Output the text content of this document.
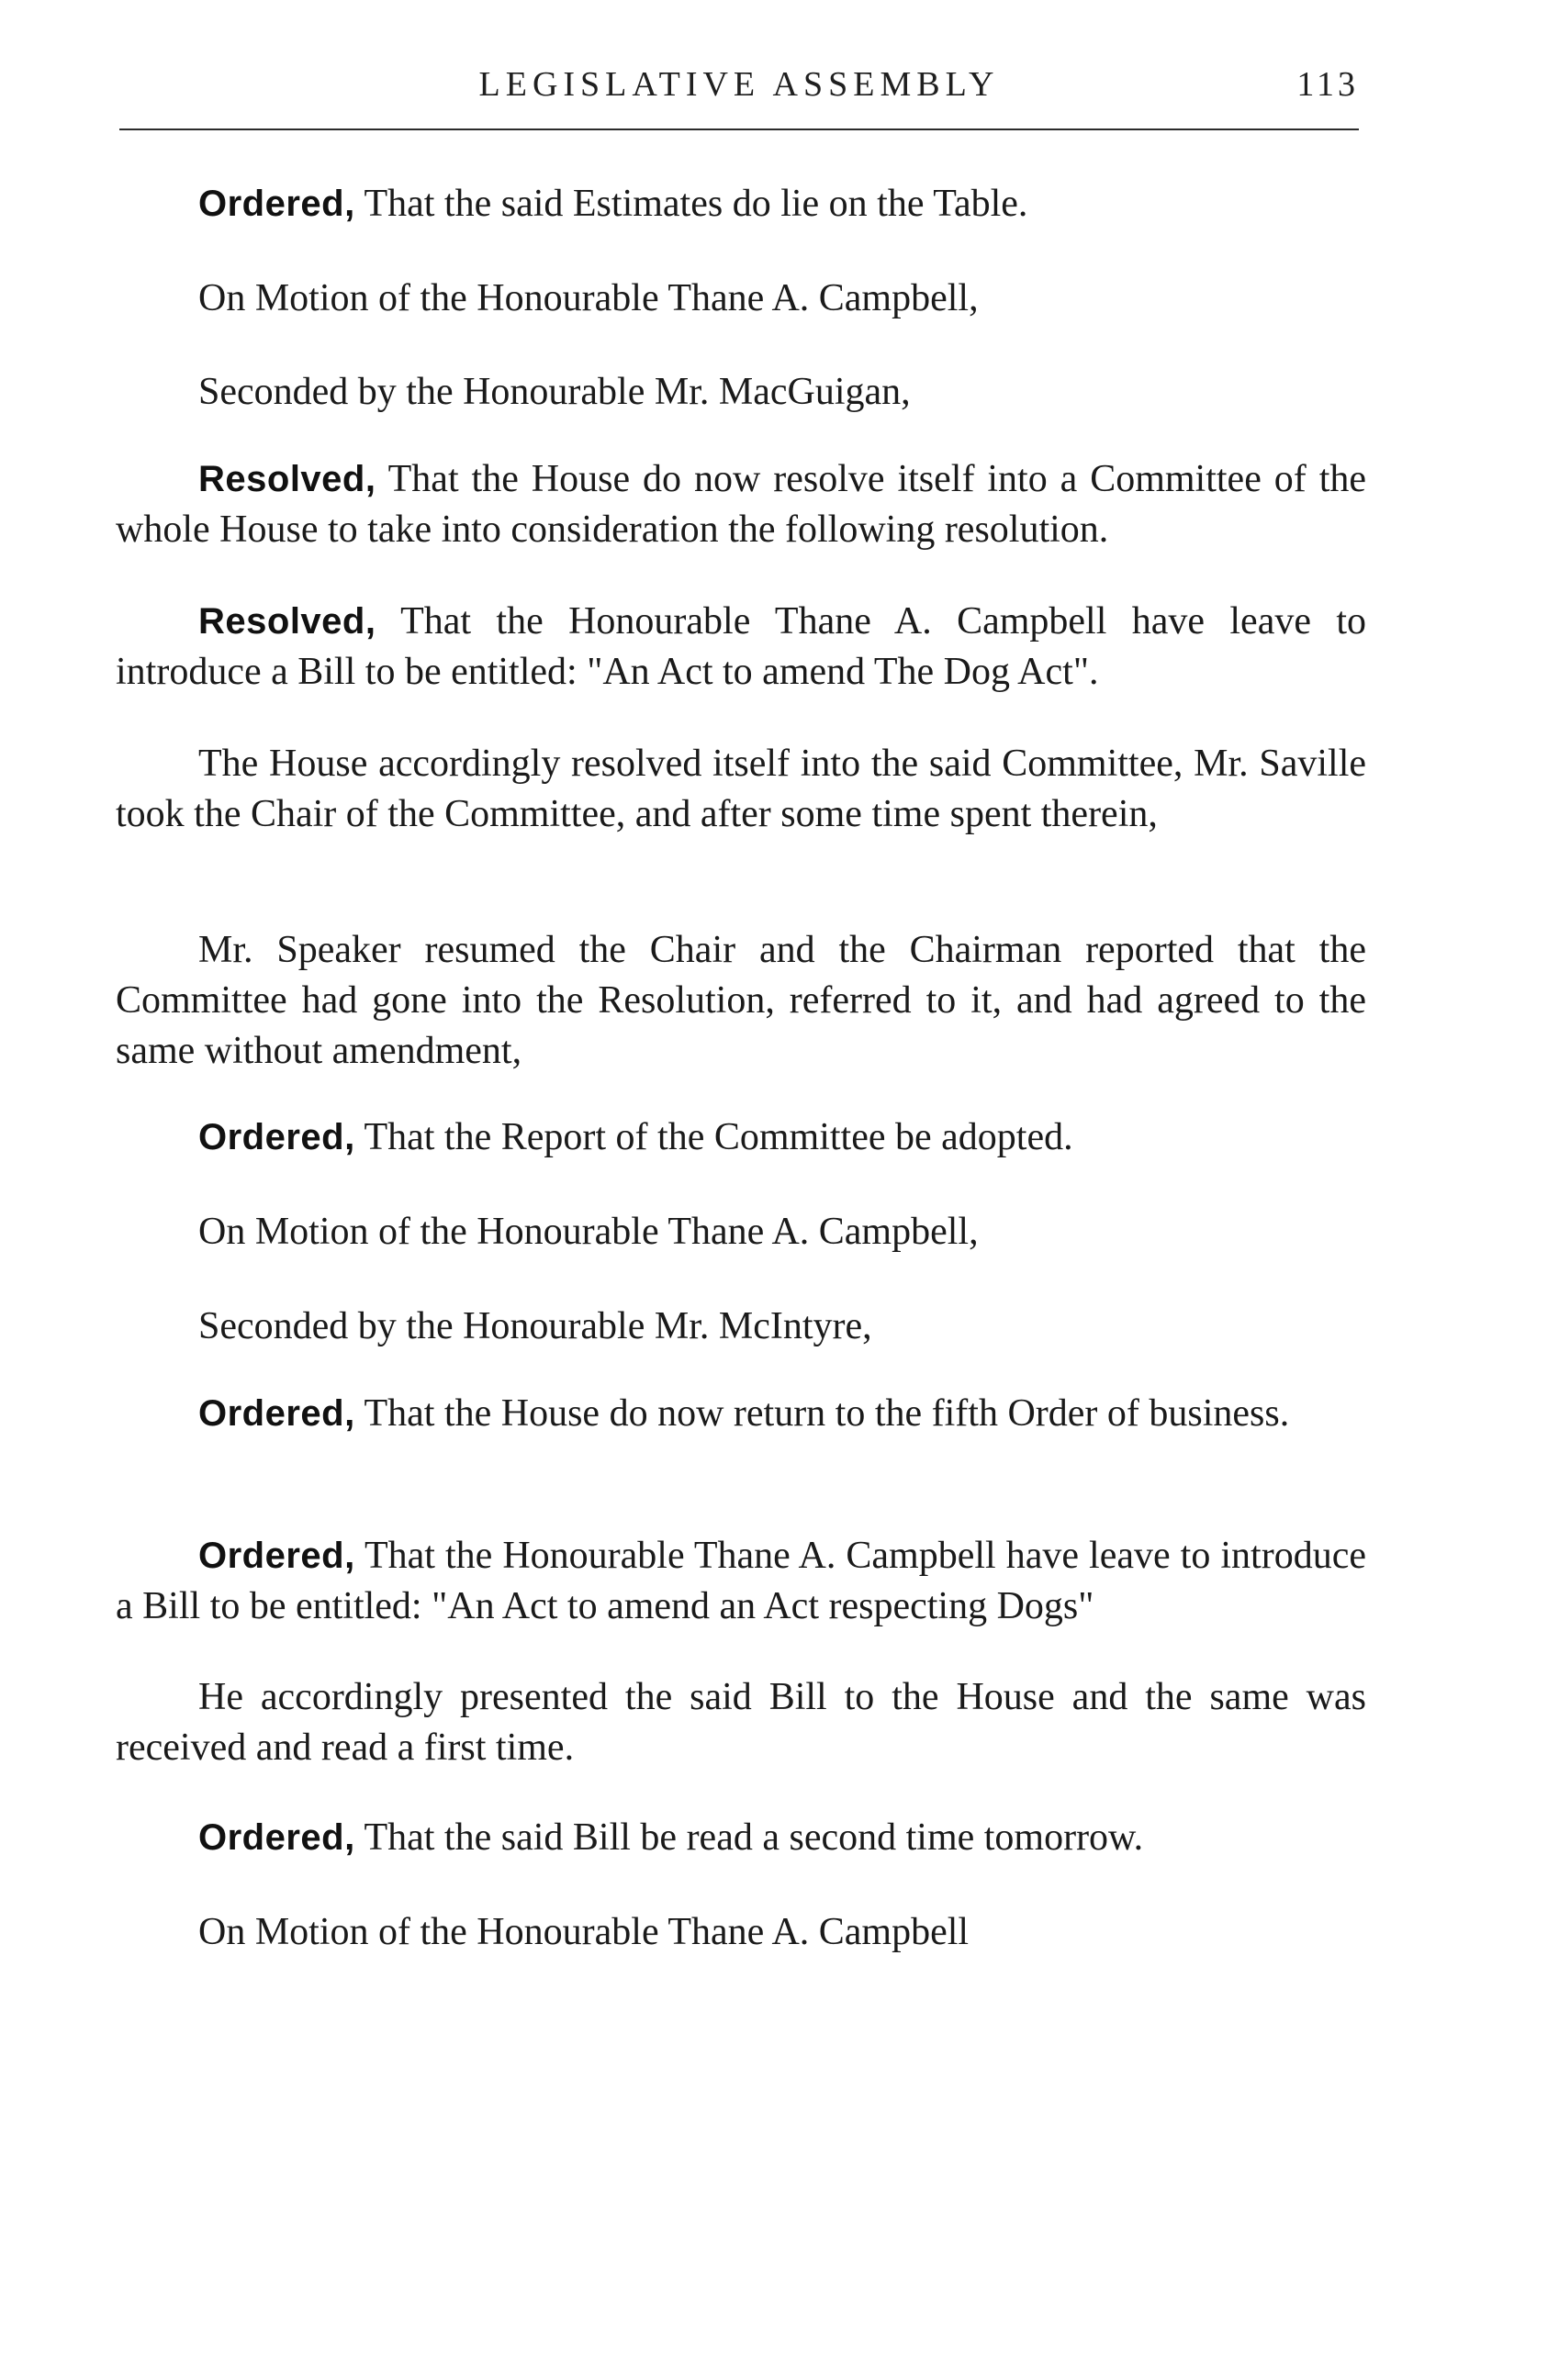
LEGISLATIVE ASSEMBLY	113

Ordered, That the said Estimates do lie on the Table.

On Motion of the Honourable Thane A. Campbell,

Seconded by the Honourable Mr. MacGuigan,

Resolved, That the House do now resolve itself into a Committee of the whole House to take into consideration the following resolution.

Resolved, That the Honourable Thane A. Campbell have leave to introduce a Bill to be entitled: "An Act to amend The Dog Act".

The House accordingly resolved itself into the said Committee, Mr. Saville took the Chair of the Committee, and after some time spent therein,

Mr. Speaker resumed the Chair and the Chairman reported that the Committee had gone into the Resolution, referred to it, and had agreed to the same without amendment,

Ordered, That the Report of the Committee be adopted.

On Motion of the Honourable Thane A. Campbell,

Seconded by the Honourable Mr. McIntyre,

Ordered, That the House do now return to the fifth Order of business.

Ordered, That the Honourable Thane A. Campbell have leave to introduce a Bill to be entitled: "An Act to amend an Act respecting Dogs"

He accordingly presented the said Bill to the House and the same was received and read a first time.

Ordered, That the said Bill be read a second time tomorrow.

On Motion of the Honourable Thane A. Campbell
